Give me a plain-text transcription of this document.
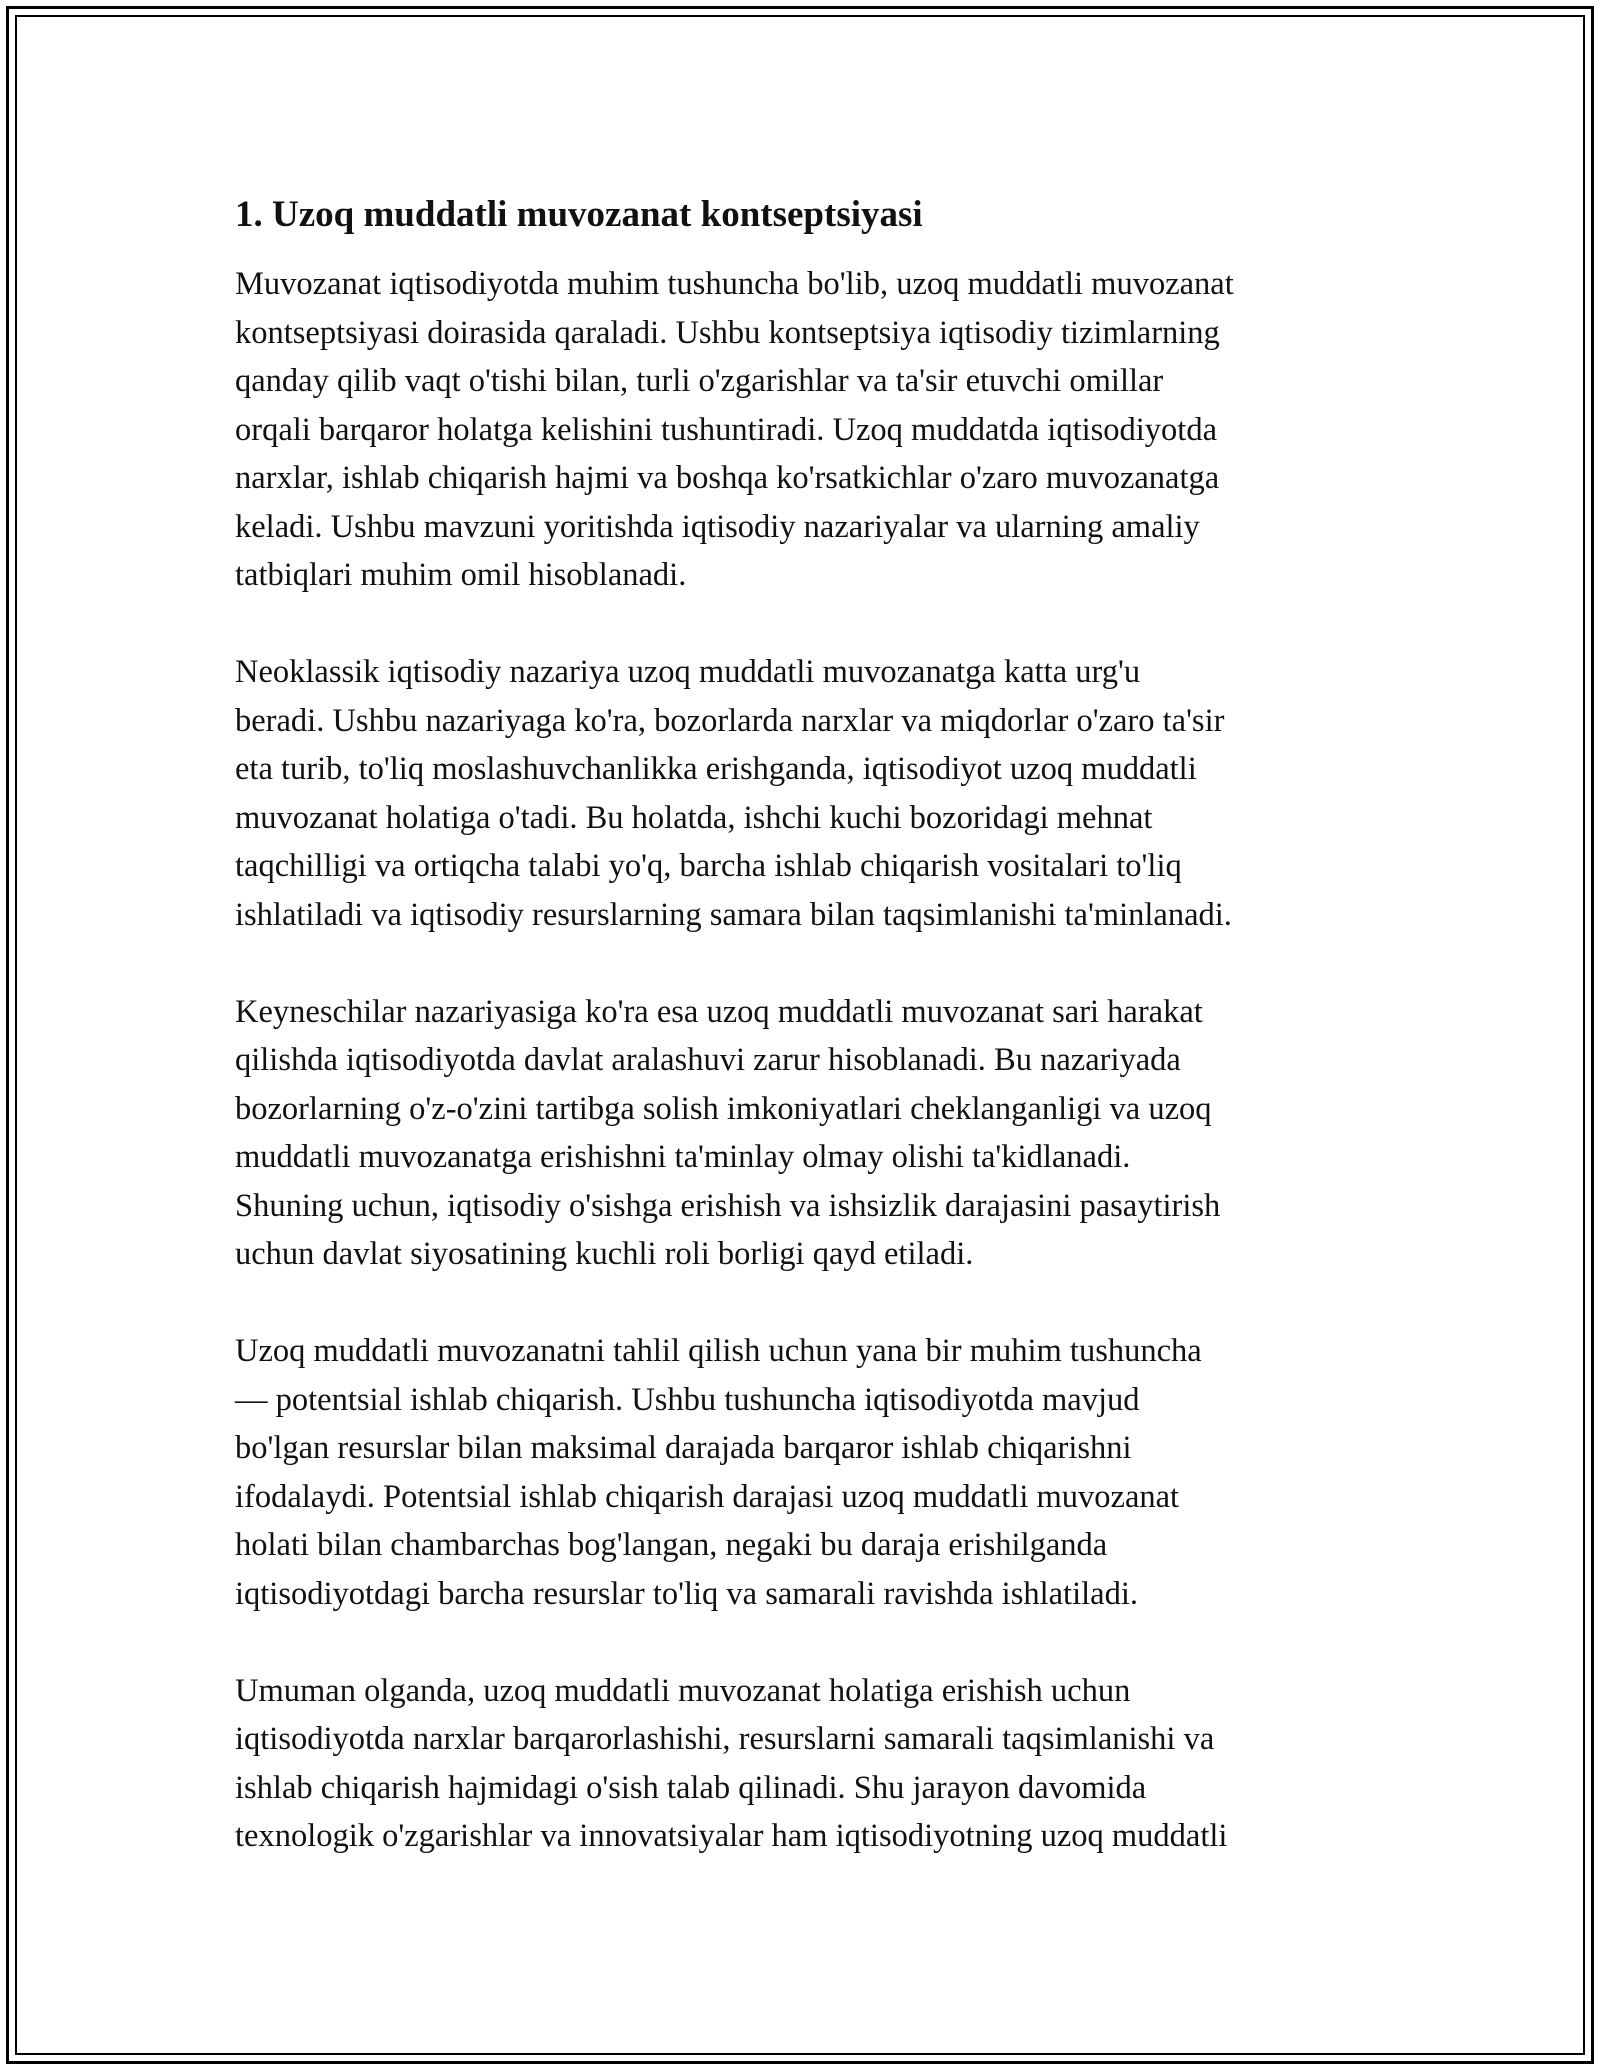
1. Uzoq muddatli muvozanat kontseptsiyasi

Muvozanat iqtisodiyotda muhim tushuncha bo'lib, uzoq muddatli muvozanat
kontseptsiyasi doirasida qaraladi. Ushbu kontseptsiya iqtisodiy tizimlarning
qanday qilib vaqt o'tishi bilan, turli o'zgarishlar va ta'sir etuvchi omillar
orqali barqaror holatga kelishini tushuntiradi. Uzoq muddatda iqtisodiyotda
narxlar, ishlab chiqarish hajmi va boshqa ko'rsatkichlar o'zaro muvozanatga
keladi. Ushbu mavzuni yoritishda iqtisodiy nazariyalar va ularning amaliy
tatbiqlari muhim omil hisoblanadi.

Neoklassik iqtisodiy nazariya uzoq muddatli muvozanatga katta urg'u
beradi. Ushbu nazariyaga ko'ra, bozorlarda narxlar va miqdorlar o'zaro ta'sir
eta turib, to'liq moslashuvchanlikka erishganda, iqtisodiyot uzoq muddatli
muvozanat holatiga o'tadi. Bu holatda, ishchi kuchi bozoridagi mehnat
taqchilligi va ortiqcha talabi yo'q, barcha ishlab chiqarish vositalari to'liq
ishlatiladi va iqtisodiy resurslarning samara bilan taqsimlanishi ta'minlanadi.

Keyneschilar nazariyasiga ko'ra esa uzoq muddatli muvozanat sari harakat
qilishda iqtisodiyotda davlat aralashuvi zarur hisoblanadi. Bu nazariyada
bozorlarning o'z-o'zini tartibga solish imkoniyatlari cheklanganligi va uzoq
muddatli muvozanatga erishishni ta'minlay olmay olishi ta'kidlanadi.
Shuning uchun, iqtisodiy o'sishga erishish va ishsizlik darajasini pasaytirish
uchun davlat siyosatining kuchli roli borligi qayd etiladi.

Uzoq muddatli muvozanatni tahlil qilish uchun yana bir muhim tushuncha
— potentsial ishlab chiqarish. Ushbu tushuncha iqtisodiyotda mavjud
bo'lgan resurslar bilan maksimal darajada barqaror ishlab chiqarishni
ifodalaydi. Potentsial ishlab chiqarish darajasi uzoq muddatli muvozanat
holati bilan chambarchas bog'langan, negaki bu daraja erishilganda
iqtisodiyotdagi barcha resurslar to'liq va samarali ravishda ishlatiladi.

Umuman olganda, uzoq muddatli muvozanat holatiga erishish uchun
iqtisodiyotda narxlar barqarorlashishi, resurslarni samarali taqsimlanishi va
ishlab chiqarish hajmidagi o'sish talab qilinadi. Shu jarayon davomida
texnologik o'zgarishlar va innovatsiyalar ham iqtisodiyotning uzoq muddatli
